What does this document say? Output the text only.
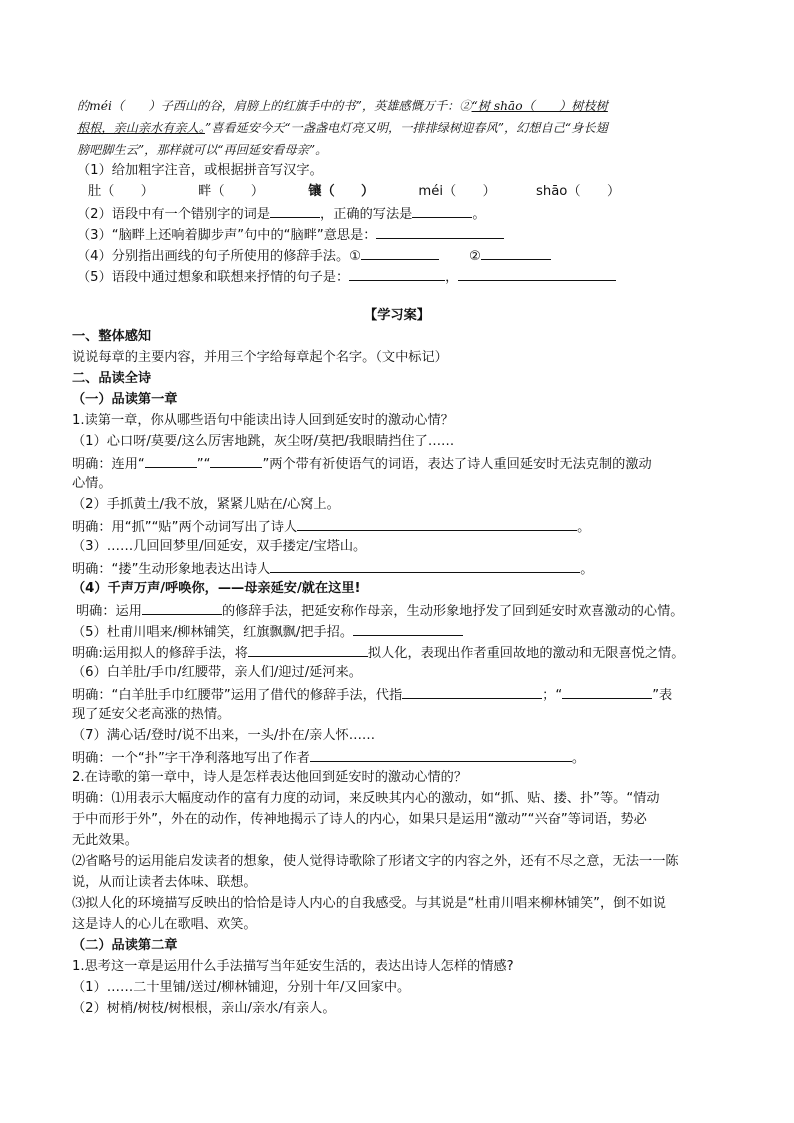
的méi（　　）子西山的谷，肩膀上的红旗手中的书”，英雄感慨万千：②“树 shāo（　　）树枝树
根根，亲山亲水有亲人。”喜看延安今天“一盏盏电灯亮又明，一排排绿树迎春风”，幻想自己“身长翅
膀吧脚生云”，那样就可以“再回延安看母亲”。
（1）给加粗字注音，或根据拼音写汉字。
肚（　　）	畔（　　）	镶（　　）	méi（　　）	shāo（　　）
（2）语段中有一个错别字的词是	，正确的写法是	。
（3）“脑畔上还响着脚步声”句中的“脑畔”意思是：
（4）分别指出画线的句子所使用的修辞手法。①	②
（5）语段中通过想象和联想来抒情的句子是：	，
【学习案】
一、整体感知
说说每章的主要内容，并用三个字给每章起个名字。（文中标记）
二、品读全诗
（一）品读第一章
1.读第一章，你从哪些语句中能读出诗人回到延安时的激动心情？
（1）心口呀/莫要/这么厉害地跳，灰尘呀/莫把/我眼睛挡住了……
明确：连用“	”“	”两个带有祈使语气的词语，表达了诗人重回延安时无法克制的激动
心情。
（2）手抓黄土/我不放，紧紧儿贴在/心窝上。
明确：用“抓”“贴”两个动词写出了诗人	。
（3）……几回回梦里/回延安，双手搂定/宝塔山。
明确：“搂”生动形象地表达出诗人	。
（4）千声万声/呼唤你，——母亲延安/就在这里!
明确：运用	的修辞手法，把延安称作母亲，生动形象地抒发了回到延安时欢喜激动的心情。
（5）杜甫川唱来/柳林铺笑，红旗飘飘/把手招。
明确:运用拟人的修辞手法，将	拟人化，表现出作者重回故地的激动和无限喜悦之情。
（6）白羊肚/手巾/红腰带，亲人们/迎过/延河来。
明确：“白羊肚手巾红腰带”运用了借代的修辞手法，代指	；“	”表
现了延安父老高涨的热情。
（7）满心话/登时/说不出来，一头/扑在/亲人怀……
明确：一个“扑”字干净利落地写出了作者	。
2.在诗歌的第一章中，诗人是怎样表达他回到延安时的激动心情的？
明确：⑴用表示大幅度动作的富有力度的动词，来反映其内心的激动，如“抓、贴、搂、扑”等。“情动
于中而形于外”，外在的动作，传神地揭示了诗人的内心，如果只是运用“激动”“兴奋”等词语，势必
无此效果。
⑵省略号的运用能启发读者的想象，使人觉得诗歌除了形诸文字的内容之外，还有不尽之意，无法一一陈
说，从而让读者去体味、联想。
⑶拟人化的环境描写反映出的恰恰是诗人内心的自我感受。与其说是“杜甫川唱来柳林铺笑”，倒不如说
这是诗人的心儿在歌唱、欢笑。
（二）品读第二章
1.思考这一章是运用什么手法描写当年延安生活的，表达出诗人怎样的情感?
（1）……二十里铺/送过/柳林铺迎，分别十年/又回家中。
（2）树梢/树枝/树根根，亲山/亲水/有亲人。
